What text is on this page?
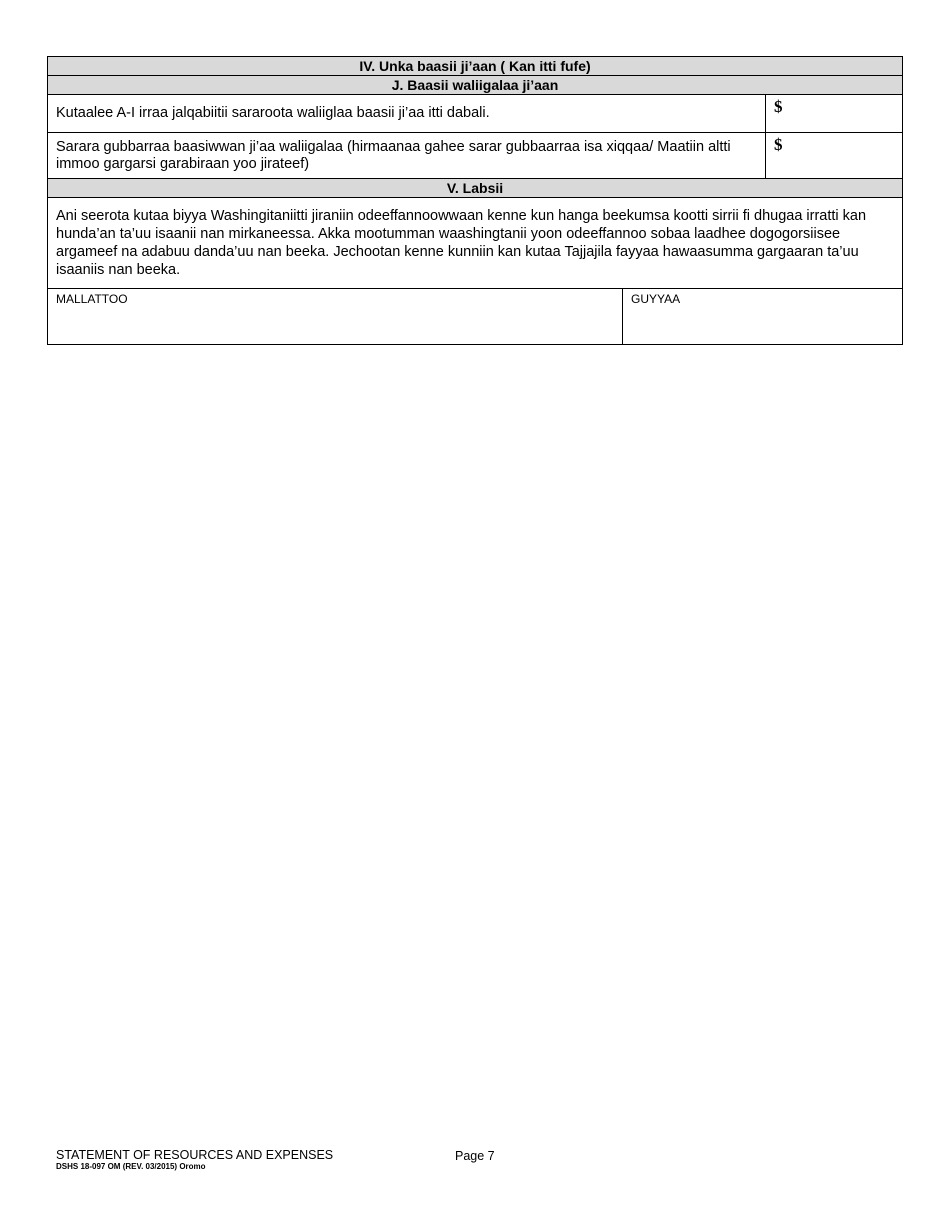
IV. Unka baasii ji’aan ( Kan itti fufe)
J. Baasii waliigalaa ji’aan
Kutaalee A-I irraa jalqabiitii sararoota waliiglaa baasii ji’aa itti dabali.	$
Sarara gubbarraa baasiwwan ji’aa waliigalaa (hirmaanaa gahee sarar gubbaarraa isa xiqqaa/ Maatiin altti immoo gargarsi garabiraan yoo jirateef)
$
V. Labsii
Ani seerota kutaa biyya Washingitaniitti jiraniin odeeffannoowwaan kenne kun hanga beekumsa kootti sirrii fi dhugaa irratti kan hunda’an ta’uu isaanii nan mirkaneessa. Akka mootumman waashingtanii yoon odeeffannoo sobaa laadhee dogogorsiisee argameef na adabuu danda’uu nan beeka. Jechootan kenne kunniin kan kutaa Tajjajila fayyaa hawaasumma gargaaran ta’uu isaaniis nan beeka.
MALLATTOO	GUYYAA
STATEMENT OF RESOURCES AND EXPENSES
DSHS 18-097 OM (REV. 03/2015) Oromo
Page 7
